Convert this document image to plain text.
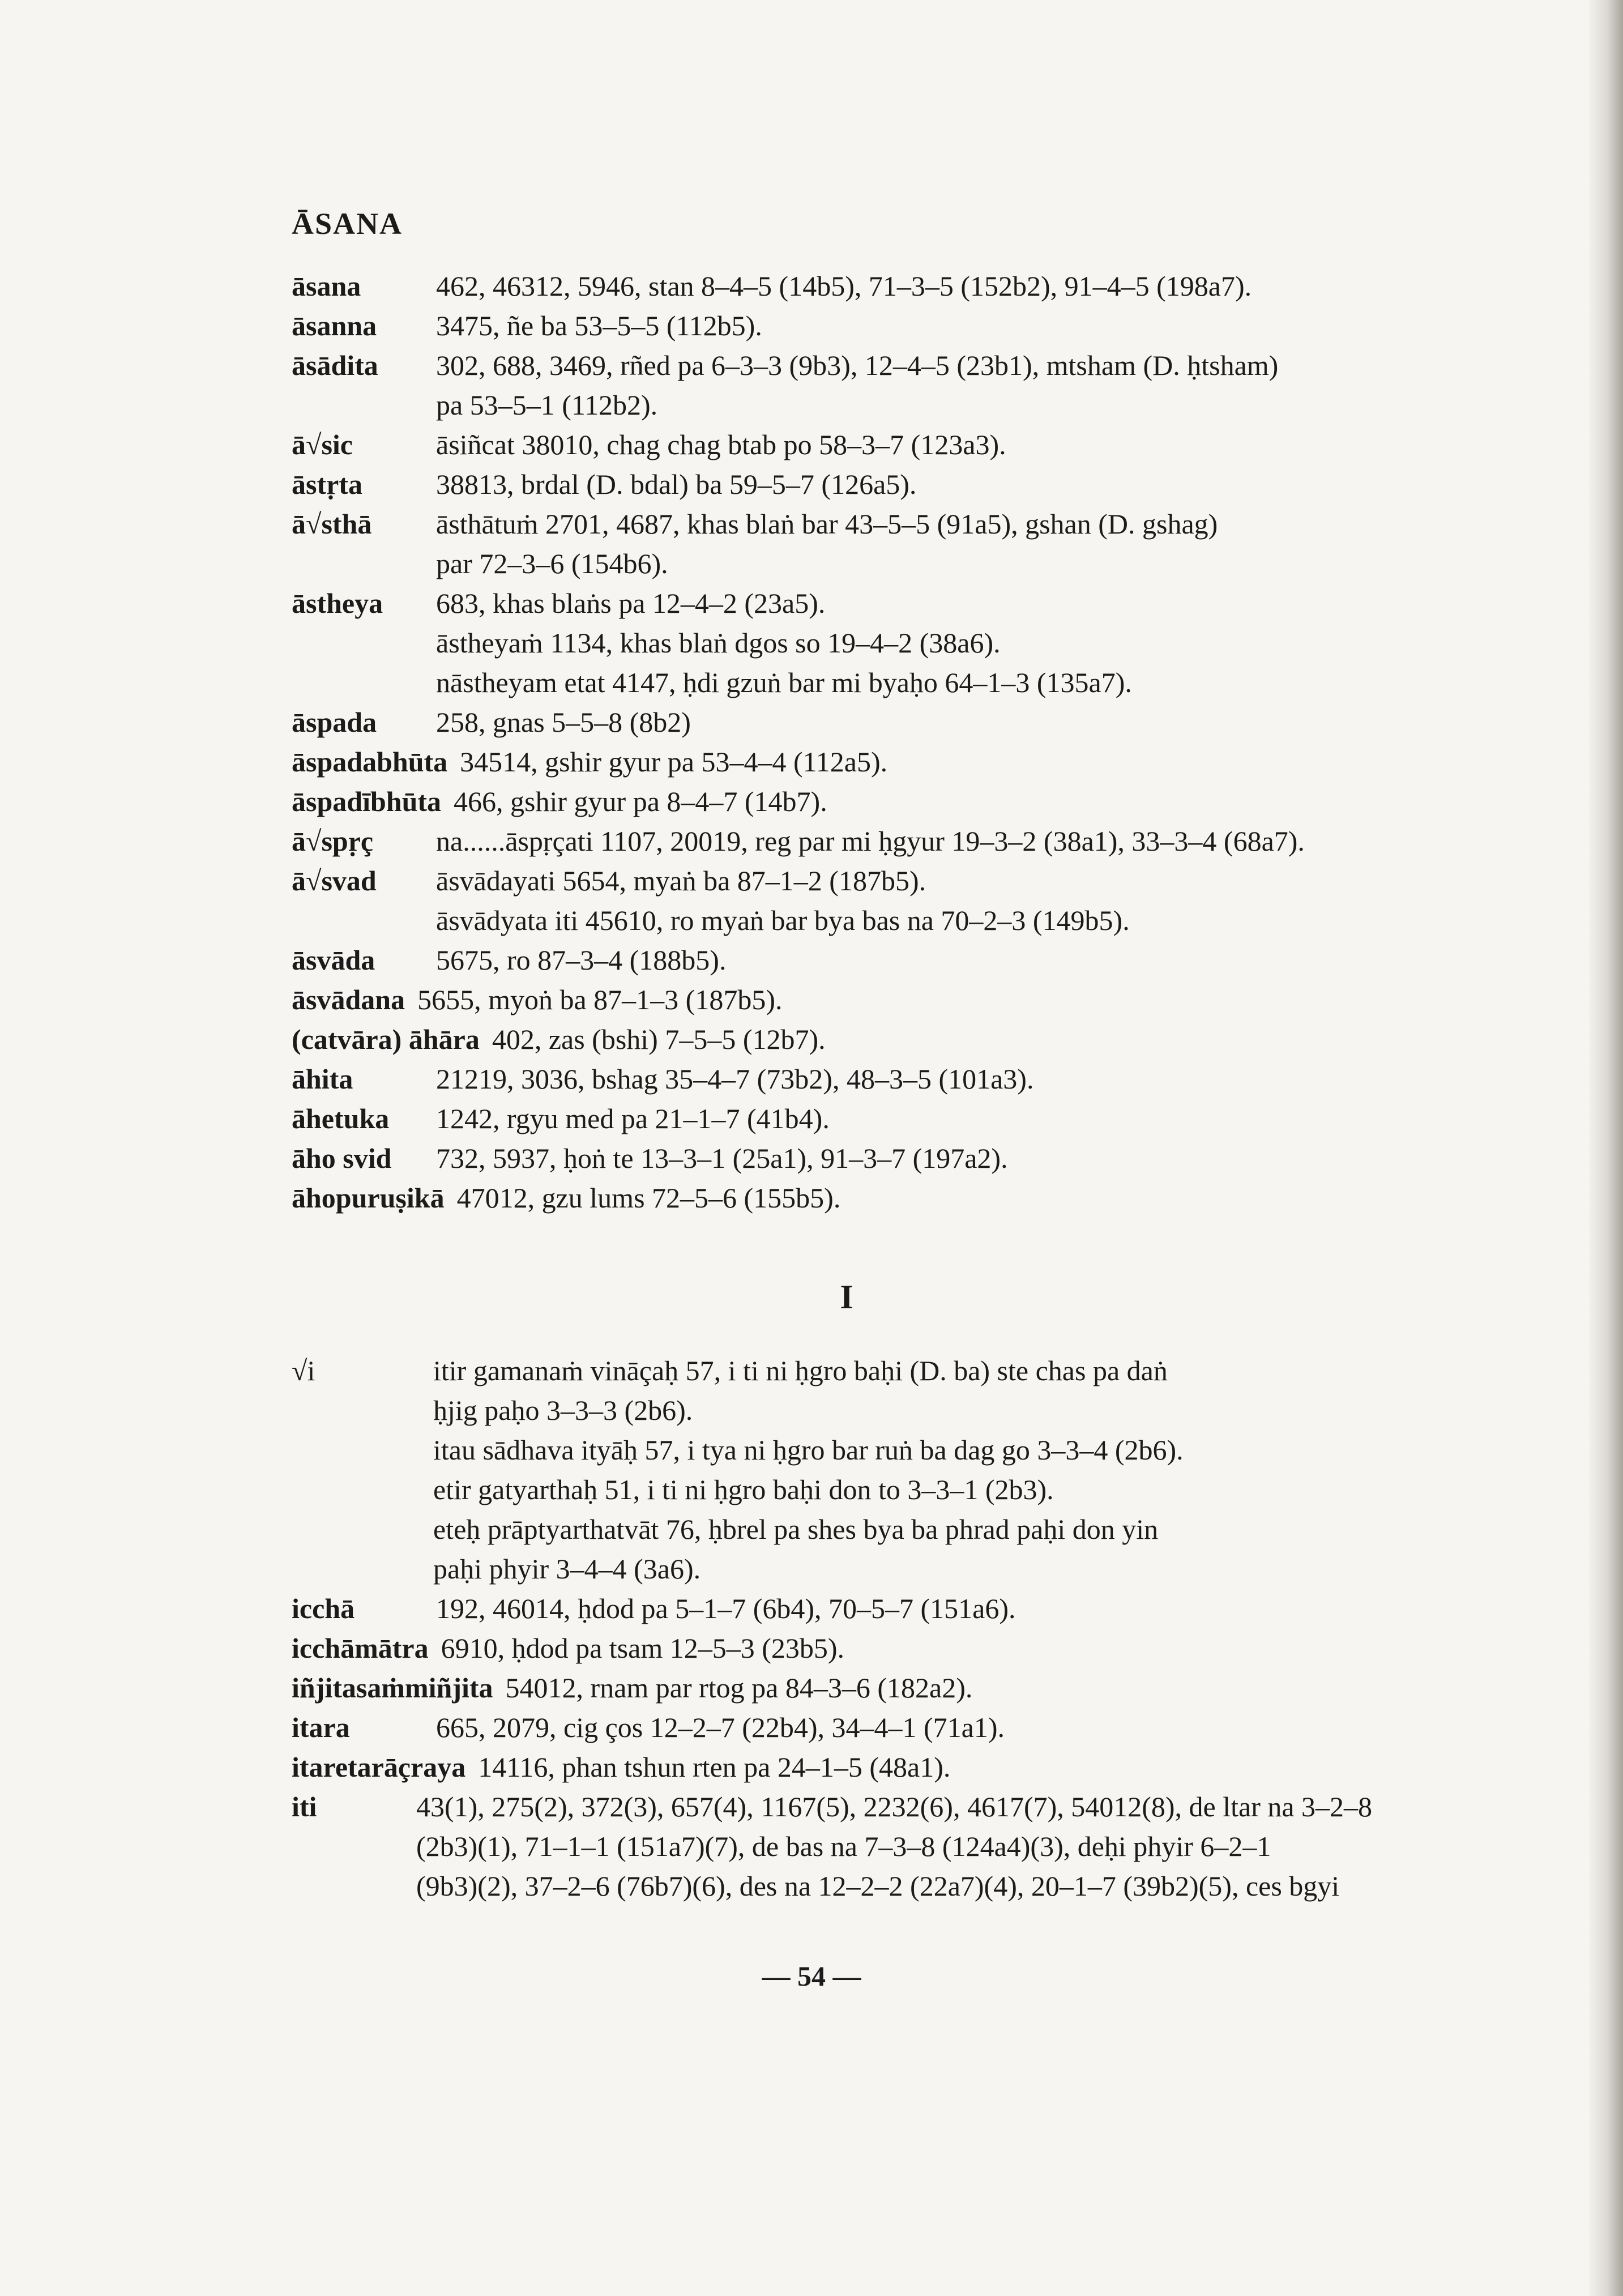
ĀSANA
āsana	462, 46312, 5946, stan 8–4–5 (14b5), 71–3–5 (152b2), 91–4–5 (198a7).
āsanna	3475, ñe ba 53–5–5 (112b5).
āsādita	302, 688, 3469, rñed pa 6–3–3 (9b3), 12–4–5 (23b1), mtsham (D. ḥtsham)
pa 53–5–1 (112b2).
ā√sic	āsiñcat 38010, chag chag btab po 58–3–7 (123a3).
āstṛta	38813, brdal (D. bdal) ba 59–5–7 (126a5).
ā√sthā	āsthātuṁ 2701, 4687, khas blaṅ bar 43–5–5 (91a5), gshan (D. gshag)
par 72–3–6 (154b6).
āstheya	683, khas blaṅs pa 12–4–2 (23a5).
āstheyaṁ 1134, khas blaṅ dgos so 19–4–2 (38a6).
nāstheyam etat 4147, ḥdi gzuṅ bar mi byaḥo 64–1–3 (135a7).
āspada	258, gnas 5–5–8 (8b2)
āspadabhūta 34514, gshir gyur pa 53–4–4 (112a5).
āspadībhūta 466, gshir gyur pa 8–4–7 (14b7).
ā√spṛç	na......āspṛçati 1107, 20019, reg par mi ḥgyur 19–3–2 (38a1), 33–3–4 (68a7).
ā√svad	āsvādayati 5654, myaṅ ba 87–1–2 (187b5).
āsvādyata iti 45610, ro myaṅ bar bya bas na 70–2–3 (149b5).
āsvāda	5675, ro 87–3–4 (188b5).
āsvādana 5655, myoṅ ba 87–1–3 (187b5).
(catvāra) āhāra 402, zas (bshi) 7–5–5 (12b7).
āhita	21219, 3036, bshag 35–4–7 (73b2), 48–3–5 (101a3).
āhetuka	1242, rgyu med pa 21–1–7 (41b4).
āho svid	732, 5937, ḥoṅ te 13–3–1 (25a1), 91–3–7 (197a2).
āhopuruṣikā 47012, gzu lums 72–5–6 (155b5).
I
√i	itir gamanaṁ vināçaḥ 57, i ti ni ḥgro baḥi (D. ba) ste chas pa daṅ
ḥjig paḥo 3–3–3 (2b6).
itau sādhava ityāḥ 57, i tya ni ḥgro bar ruṅ ba dag go 3–3–4 (2b6).
etir gatyarthaḥ 51, i ti ni ḥgro baḥi don to 3–3–1 (2b3).
eteḥ prāptyarthatvāt 76, ḥbrel pa shes bya ba phrad paḥi don yin
paḥi phyir 3–4–4 (3a6).
icchā	192, 46014, ḥdod pa 5–1–7 (6b4), 70–5–7 (151a6).
icchāmātra 6910, ḥdod pa tsam 12–5–3 (23b5).
iñjitasaṁmiñjita 54012, rnam par rtog pa 84–3–6 (182a2).
itara	665, 2079, cig ços 12–2–7 (22b4), 34–4–1 (71a1).
itaretarāçraya 14116, phan tshun rten pa 24–1–5 (48a1).
iti	43(1), 275(2), 372(3), 657(4), 1167(5), 2232(6), 4617(7), 54012(8), de ltar na 3–2–8
(2b3)(1), 71–1–1 (151a7)(7), de bas na 7–3–8 (124a4)(3), deḥi phyir 6–2–1
(9b3)(2), 37–2–6 (76b7)(6), des na 12–2–2 (22a7)(4), 20–1–7 (39b2)(5), ces bgyi
— 54 —
